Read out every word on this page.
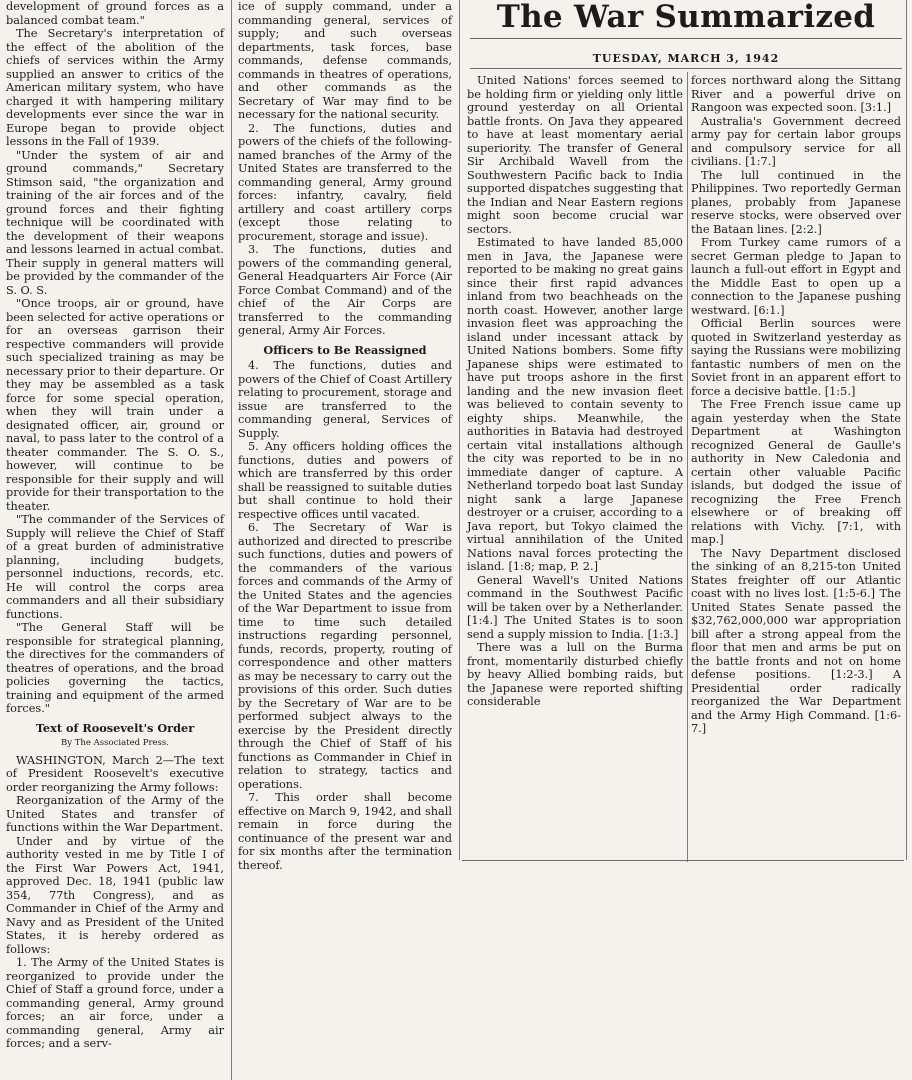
The War Summarized
TUESDAY, MARCH 3, 1942

development of ground forces as a balanced combat team."

The Secretary's interpretation of the effect of the abolition of the chiefs of services within the Army supplied an answer to critics of the American military system, who have charged it with hampering military developments ever since the war in Europe began to provide object lessons in the Fall of 1939.

"Under the system of air and ground commands," Secretary Stimson said, "the organization and training of the air forces and of the ground forces and their fighting technique will be coordinated with the development of their weapons and lessons learned in actual combat. Their supply in general matters will be provided by the commander of the S. O. S.

"Once troops, air or ground, have been selected for active operations or for an overseas garrison their respective commanders will provide such specialized training as may be necessary prior to their departure. Or they may be assembled as a task force for some special operation, when they will train under a designated officer, air, ground or naval, to pass later to the control of a theater commander. The S. O. S., however, will continue to be responsible for their supply and will provide for their transportation to the theater.

"The commander of the Services of Supply will relieve the Chief of Staff of a great burden of administrative planning, including budgets, personnel inductions, records, etc. He will control the corps area commanders and all their subsidiary functions.

"The General Staff will be responsible for strategical planning, the directives for the commanders of theatres of operations, and the broad policies governing the tactics, training and equipment of the armed forces."

Text of Roosevelt's Order
By The Associated Press.

WASHINGTON, March 2—The text of President Roosevelt's executive order reorganizing the Army follows:

Reorganization of the Army of the United States and transfer of functions within the War Department.

Under and by virtue of the authority vested in me by Title I of the First War Powers Act, 1941, approved Dec. 18, 1941 (public law 354, 77th Congress), and as Commander in Chief of the Army and Navy and as President of the United States, it is hereby ordered as follows:

1. The Army of the United States is reorganized to provide under the Chief of Staff a ground force, under a commanding general, Army ground forces; an air force, under a commanding general, Army air forces; and a serv-

ice of supply command, under a commanding general, services of supply; and such overseas departments, task forces, base commands, defense commands, commands in theatres of operations, and other commands as the Secretary of War may find to be necessary for the national security.

2. The functions, duties and powers of the chiefs of the following-named branches of the Army of the United States are transferred to the commanding general, Army ground forces: infantry, cavalry, field artillery and coast artillery corps (except those relating to procurement, storage and issue).

3. The functions, duties and powers of the commanding general, General Headquarters Air Force (Air Force Combat Command) and of the chief of the Air Corps are transferred to the commanding general, Army Air Forces.

Officers to Be Reassigned

4. The functions, duties and powers of the Chief of Coast Artillery relating to procurement, storage and issue are transferred to the commanding general, Services of Supply.

5. Any officers holding offices the functions, duties and powers of which are transferred by this order shall be reassigned to suitable duties but shall continue to hold their respective offices until vacated.

6. The Secretary of War is authorized and directed to prescribe such functions, duties and powers of the commanders of the various forces and commands of the Army of the United States and the agencies of the War Department to issue from time to time such detailed instructions regarding personnel, funds, records, property, routing of correspondence and other matters as may be necessary to carry out the provisions of this order. Such duties by the Secretary of War are to be performed subject always to the exercise by the President directly through the Chief of Staff of his functions as Commander in Chief in relation to strategy, tactics and operations.

7. This order shall become effective on March 9, 1942, and shall remain in force during the continuance of the present war and for six months after the termination thereof.

United Nations' forces seemed to be holding firm or yielding only little ground yesterday on all Oriental battle fronts. On Java they appeared to have at least momentary aerial superiority. The transfer of General Sir Archibald Wavell from the Southwestern Pacific back to India supported dispatches suggesting that the Indian and Near Eastern regions might soon become crucial war sectors.

Estimated to have landed 85,000 men in Java, the Japanese were reported to be making no great gains since their first rapid advances inland from two beachheads on the north coast. However, another large invasion fleet was approaching the island under incessant attack by United Nations bombers. Some fifty Japanese ships were estimated to have put troops ashore in the first landing and the new invasion fleet was believed to contain seventy to eighty ships. Meanwhile, the authorities in Batavia had destroyed certain vital installations although the city was reported to be in no immediate danger of capture. A Netherland torpedo boat last Sunday night sank a large Japanese destroyer or a cruiser, according to a Java report, but Tokyo claimed the virtual annihilation of the United Nations naval forces protecting the island. [1:8; map, P. 2.]

General Wavell's United Nations command in the Southwest Pacific will be taken over by a Netherlander. [1:4.] The United States is to soon send a supply mission to India. [1:3.]

There was a lull on the Burma front, momentarily disturbed chiefly by heavy Allied bombing raids, but the Japanese were reported shifting considerable

forces northward along the Sittang River and a powerful drive on Rangoon was expected soon. [3:1.]

Australia's Government decreed army pay for certain labor groups and compulsory service for all civilians. [1:7.]

The lull continued in the Philippines. Two reportedly German planes, probably from Japanese reserve stocks, were observed over the Bataan lines. [2:2.]

From Turkey came rumors of a secret German pledge to Japan to launch a full-out effort in Egypt and the Middle East to open up a connection to the Japanese pushing westward. [6:1.]

Official Berlin sources were quoted in Switzerland yesterday as saying the Russians were mobilizing fantastic numbers of men on the Soviet front in an apparent effort to force a decisive battle. [1:5.]

The Free French issue came up again yesterday when the State Department at Washington recognized General de Gaulle's authority in New Caledonia and certain other valuable Pacific islands, but dodged the issue of recognizing the Free French elsewhere or of breaking off relations with Vichy. [7:1, with map.]

The Navy Department disclosed the sinking of an 8,215-ton United States freighter off our Atlantic coast with no lives lost. [1:5-6.] The United States Senate passed the $32,762,000,000 war appropriation bill after a strong appeal from the floor that men and arms be put on the battle fronts and not on home defense positions. [1:2-3.] A Presidential order radically reorganized the War Department and the Army High Command. [1:6-7.]
